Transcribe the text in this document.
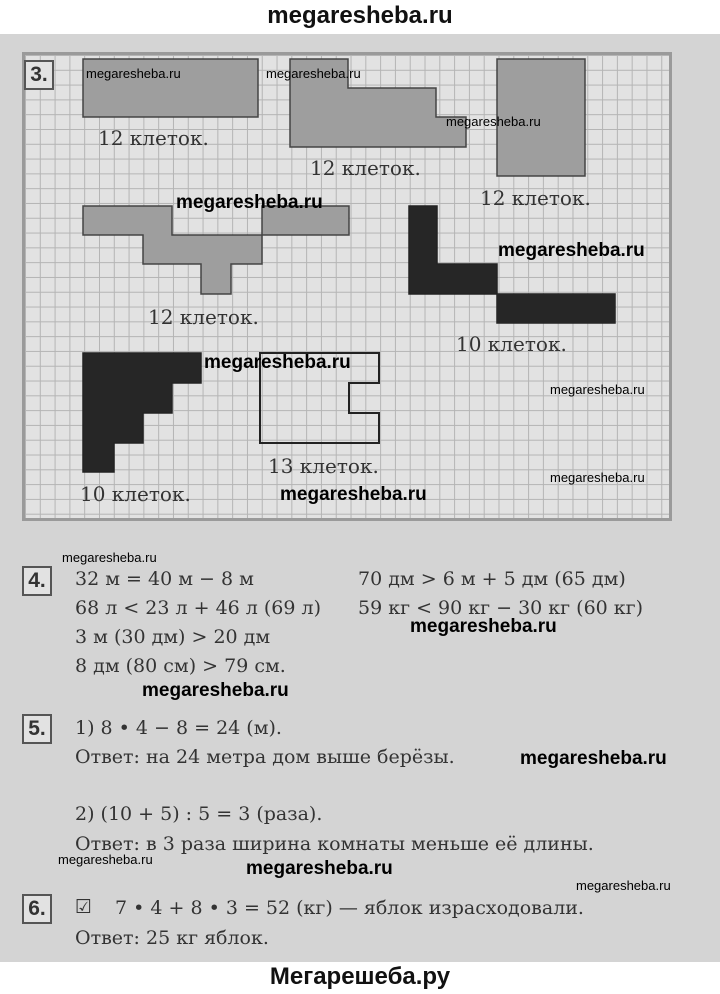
megaresheba.ru
3.
12 клеток.
12 клеток.
12 клеток.
12 клеток.
10 клеток.
10 клеток.
13 клеток.
4.	32 м = 40 м − 8 м
68 л < 23 л + 46 л (69 л)
3 м (30 дм) > 20 дм
8 дм (80 см) > 79 см.
70 дм > 6 м + 5 дм (65 дм)
59 кг < 90 кг − 30 кг (60 кг)
5.	1) 8 • 4 − 8 = 24 (м).
Ответ: на 24 метра дом выше берёзы.
2) (10 + 5) : 5 = 3 (раза).
Ответ: в 3 раза ширина комнаты меньше её длины.
6.	☑ 7 • 4 + 8 • 3 = 52 (кг) — яблок израсходовали.
Ответ: 25 кг яблок.
megaresheba.ru	megaresheba.ru
megaresheba.ru
megaresheba.ru
megaresheba.ru
megaresheba.ru
megaresheba.ru
megaresheba.ru
megaresheba.ru
megaresheba.ru
megaresheba.ru
megaresheba.ru
megaresheba.ru
megaresheba.ru	megaresheba.ru
megaresheba.ru
Мегарешеба.ру
